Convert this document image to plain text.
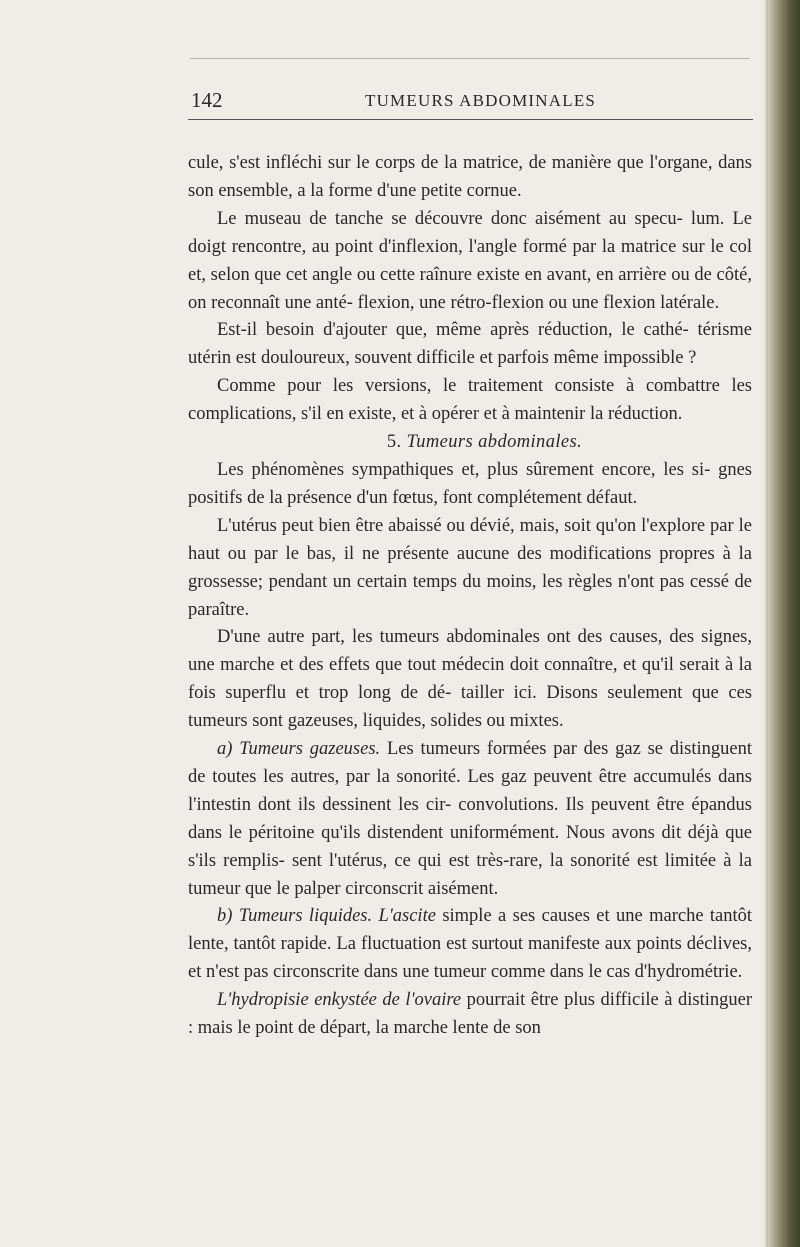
142	TUMEURS ABDOMINALES

cule, s'est infléchi sur le corps de la matrice, de manière que l'organe, dans son ensemble, a la forme d'une petite cornue.

Le museau de tanche se découvre donc aisément au specu- lum. Le doigt rencontre, au point d'inflexion, l'angle formé par la matrice sur le col et, selon que cet angle ou cette raînure existe en avant, en arrière ou de côté, on reconnaît une anté- flexion, une rétro-flexion ou une flexion latérale.

Est-il besoin d'ajouter que, même après réduction, le cathé- térisme utérin est douloureux, souvent difficile et parfois même impossible ?

Comme pour les versions, le traitement consiste à combattre les complications, s'il en existe, et à opérer et à maintenir la réduction.

5. Tumeurs abdominales.

Les phénomènes sympathiques et, plus sûrement encore, les si- gnes positifs de la présence d'un fœtus, font complétement défaut.

L'utérus peut bien être abaissé ou dévié, mais, soit qu'on l'explore par le haut ou par le bas, il ne présente aucune des modifications propres à la grossesse; pendant un certain temps du moins, les règles n'ont pas cessé de paraître.

D'une autre part, les tumeurs abdominales ont des causes, des signes, une marche et des effets que tout médecin doit connaître, et qu'il serait à la fois superflu et trop long de dé- tailler ici. Disons seulement que ces tumeurs sont gazeuses, liquides, solides ou mixtes.

a) Tumeurs gazeuses. Les tumeurs formées par des gaz se distinguent de toutes les autres, par la sonorité. Les gaz peuvent être accumulés dans l'intestin dont ils dessinent les cir- convolutions. Ils peuvent être épandus dans le péritoine qu'ils distendent uniformément. Nous avons dit déjà que s'ils remplis- sent l'utérus, ce qui est très-rare, la sonorité est limitée à la tumeur que le palper circonscrit aisément.

b) Tumeurs liquides. L'ascite simple a ses causes et une marche tantôt lente, tantôt rapide. La fluctuation est surtout manifeste aux points déclives, et n'est pas circonscrite dans une tumeur comme dans le cas d'hydrométrie.

L'hydropisie enkystée de l'ovaire pourrait être plus difficile à distinguer : mais le point de départ, la marche lente de son
